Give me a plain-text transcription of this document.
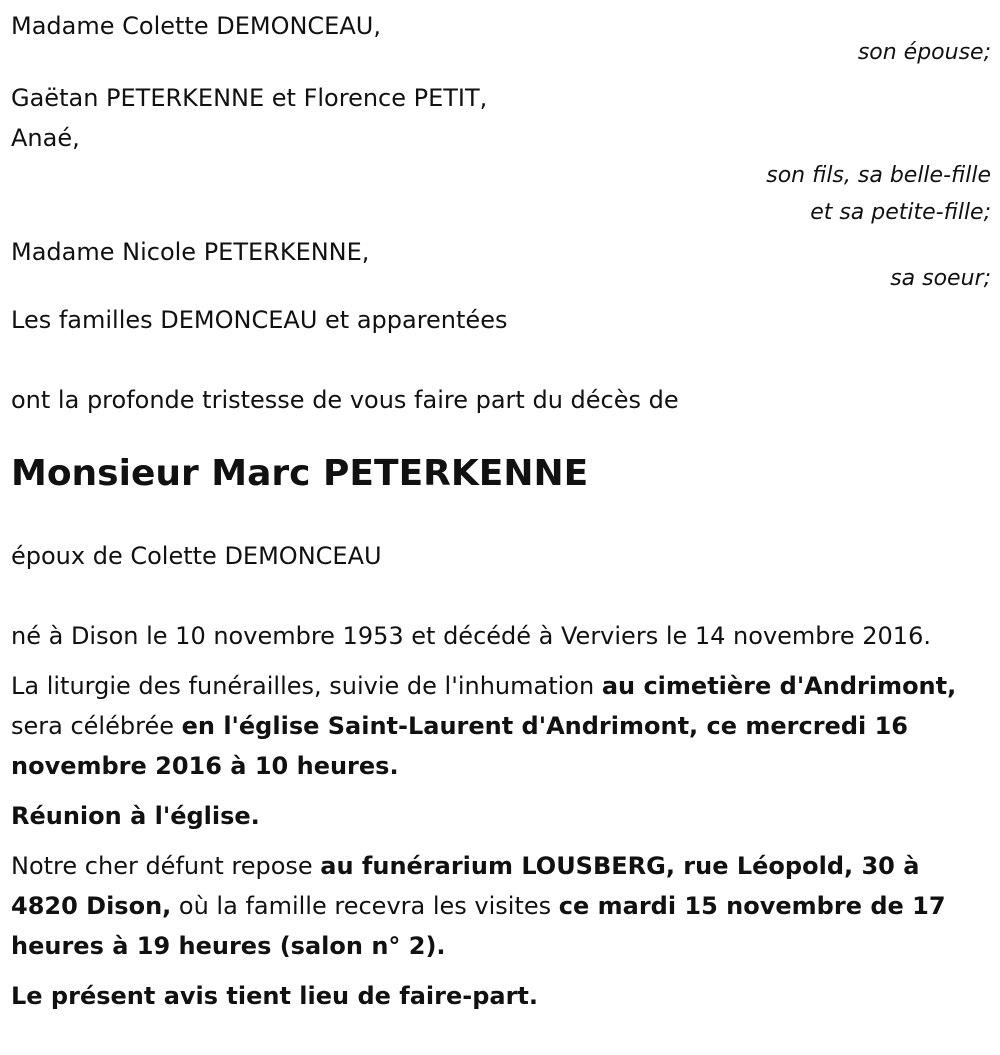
Madame Colette DEMONCEAU,

son épouse;

Gaëtan PETERKENNE et Florence PETIT,

Anaé,

son fils, sa belle-fille

et sa petite-fille;

Madame Nicole PETERKENNE,

sa soeur;

Les familles DEMONCEAU et apparentées

ont la profonde tristesse de vous faire part du décès de

Monsieur Marc PETERKENNE

époux de Colette DEMONCEAU

né à Dison le 10 novembre 1953 et décédé à Verviers le 14 novembre 2016.

La liturgie des funérailles, suivie de l'inhumation au cimetière d'Andrimont, sera célébrée en l'église Saint-Laurent d'Andrimont, ce mercredi 16 novembre 2016 à 10 heures.

Réunion à l'église.

Notre cher défunt repose au funérarium LOUSBERG, rue Léopold, 30 à 4820 Dison, où la famille recevra les visites ce mardi 15 novembre de 17 heures à 19 heures (salon n° 2).

Le présent avis tient lieu de faire-part.
